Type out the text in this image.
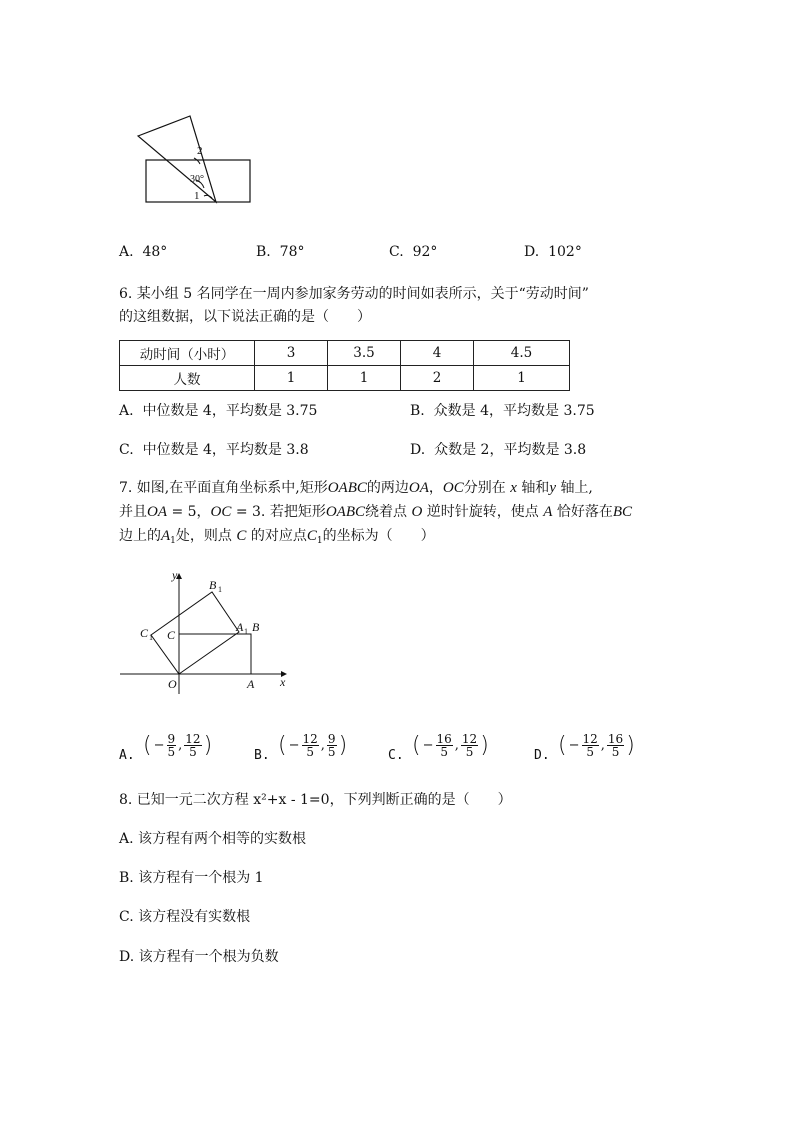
2
30°
1
A. 48°	B. 78°	C. 92°	D. 102°
6. 某小组 5 名同学在一周内参加家务劳动的时间如表所示，关于“劳动时间”
的这组数据，以下说法正确的是（　　）
动时间（小时）	3	3.5	4	4.5
人数	1	1	2	1
A. 中位数是 4，平均数是 3.75	B. 众数是 4，平均数是 3.75
C. 中位数是 4，平均数是 3.8	D. 众数是 2，平均数是 3.8
7. 如图,在平面直角坐标系中,矩形OABC的两边OA，OC分别在 x 轴和y 轴上,
并且OA = 5，OC = 3. 若把矩形OABC绕着点 O 逆时针旋转，使点 A 恰好落在BC
边上的$A_1$处，则点 C 的对应点$C_1$的坐标为（　　）
y
x
B 1
C 1 C
A 1 B
O	A
A. ( − $\frac{9}{5}$ , $\frac{12}{5}$ )	B. ( − $\frac{12}{5}$ , $\frac{9}{5}$ )	C. ( − $\frac{16}{5}$ , $\frac{12}{5}$ )	D. ( − $\frac{12}{5}$ , $\frac{16}{5}$ )
8. 已知一元二次方程 x²+x - 1=0，下列判断正确的是（　　）
A. 该方程有两个相等的实数根
B. 该方程有一个根为 1
C. 该方程没有实数根
D. 该方程有一个根为负数
